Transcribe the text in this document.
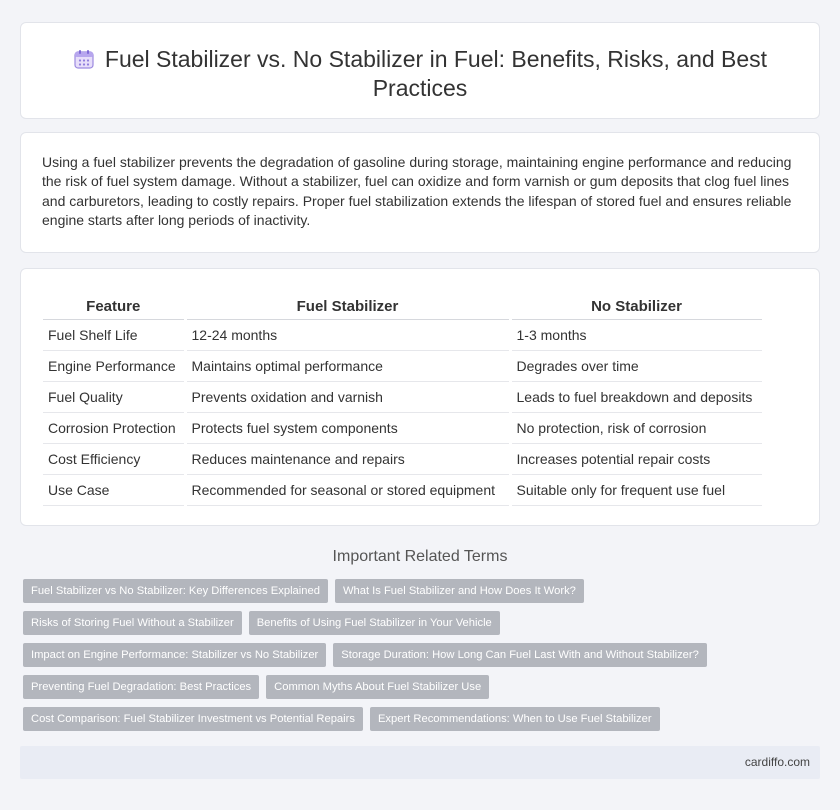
Fuel Stabilizer vs. No Stabilizer in Fuel: Benefits, Risks, and Best Practices

Using a fuel stabilizer prevents the degradation of gasoline during storage, maintaining engine performance and reducing the risk of fuel system damage. Without a stabilizer, fuel can oxidize and form varnish or gum deposits that clog fuel lines and carburetors, leading to costly repairs. Proper fuel stabilization extends the lifespan of stored fuel and ensures reliable engine starts after long periods of inactivity.

Feature	Fuel Stabilizer	No Stabilizer
Fuel Shelf Life	12-24 months	1-3 months
Engine Performance	Maintains optimal performance	Degrades over time
Fuel Quality	Prevents oxidation and varnish	Leads to fuel breakdown and deposits
Corrosion Protection	Protects fuel system components	No protection, risk of corrosion
Cost Efficiency	Reduces maintenance and repairs	Increases potential repair costs
Use Case	Recommended for seasonal or stored equipment	Suitable only for frequent use fuel
Important Related Terms
Fuel Stabilizer vs No Stabilizer: Key Differences Explained	What Is Fuel Stabilizer and How Does It Work?
Risks of Storing Fuel Without a Stabilizer	Benefits of Using Fuel Stabilizer in Your Vehicle
Impact on Engine Performance: Stabilizer vs No Stabilizer	Storage Duration: How Long Can Fuel Last With and Without Stabilizer?
Preventing Fuel Degradation: Best Practices	Common Myths About Fuel Stabilizer Use
Cost Comparison: Fuel Stabilizer Investment vs Potential Repairs	Expert Recommendations: When to Use Fuel Stabilizer
cardiffo.com
